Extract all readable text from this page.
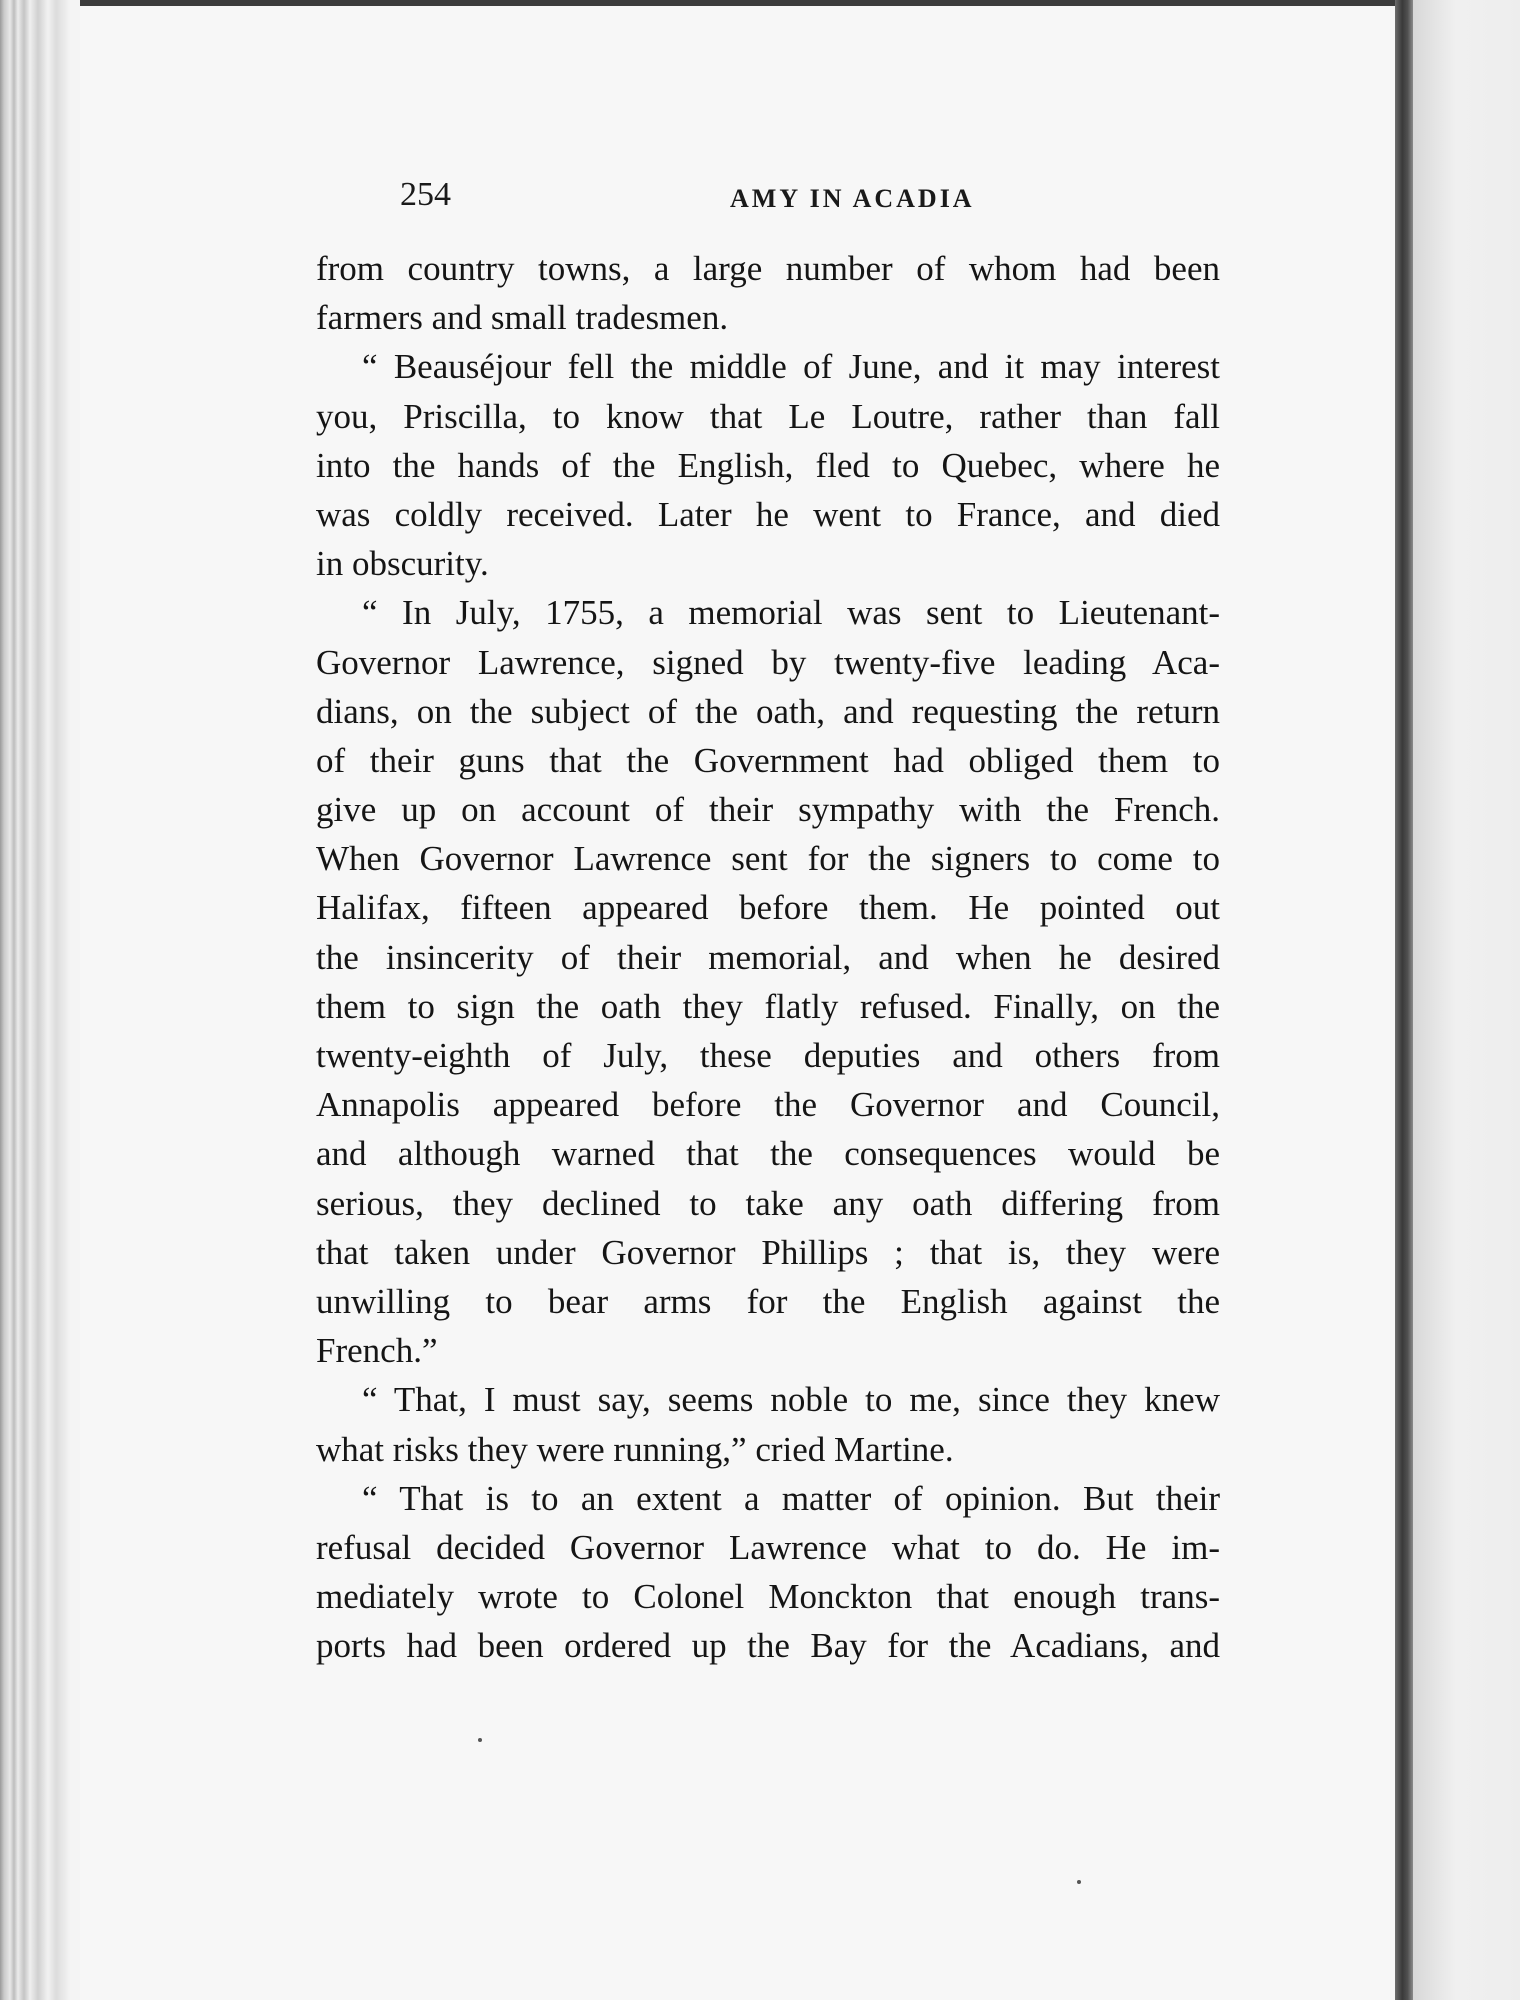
254	AMY IN ACADIA
from country towns, a large number of whom had been
farmers and small tradesmen.
“ Beauséjour fell the middle of June, and it may interest
you, Priscilla, to know that Le Loutre, rather than fall
into the hands of the English, fled to Quebec, where he
was coldly received. Later he went to France, and died
in obscurity.
“ In July, 1755, a memorial was sent to Lieutenant-
Governor Lawrence, signed by twenty-five leading Aca-
dians, on the subject of the oath, and requesting the return
of their guns that the Government had obliged them to
give up on account of their sympathy with the French.
When Governor Lawrence sent for the signers to come to
Halifax, fifteen appeared before them. He pointed out
the insincerity of their memorial, and when he desired
them to sign the oath they flatly refused. Finally, on the
twenty-eighth of July, these deputies and others from
Annapolis appeared before the Governor and Council,
and although warned that the consequences would be
serious, they declined to take any oath differing from
that taken under Governor Phillips ; that is, they were
unwilling to bear arms for the English against the
French.”
“ That, I must say, seems noble to me, since they knew
what risks they were running,” cried Martine.
“ That is to an extent a matter of opinion. But their
refusal decided Governor Lawrence what to do. He im-
mediately wrote to Colonel Monckton that enough trans-
ports had been ordered up the Bay for the Acadians, and
